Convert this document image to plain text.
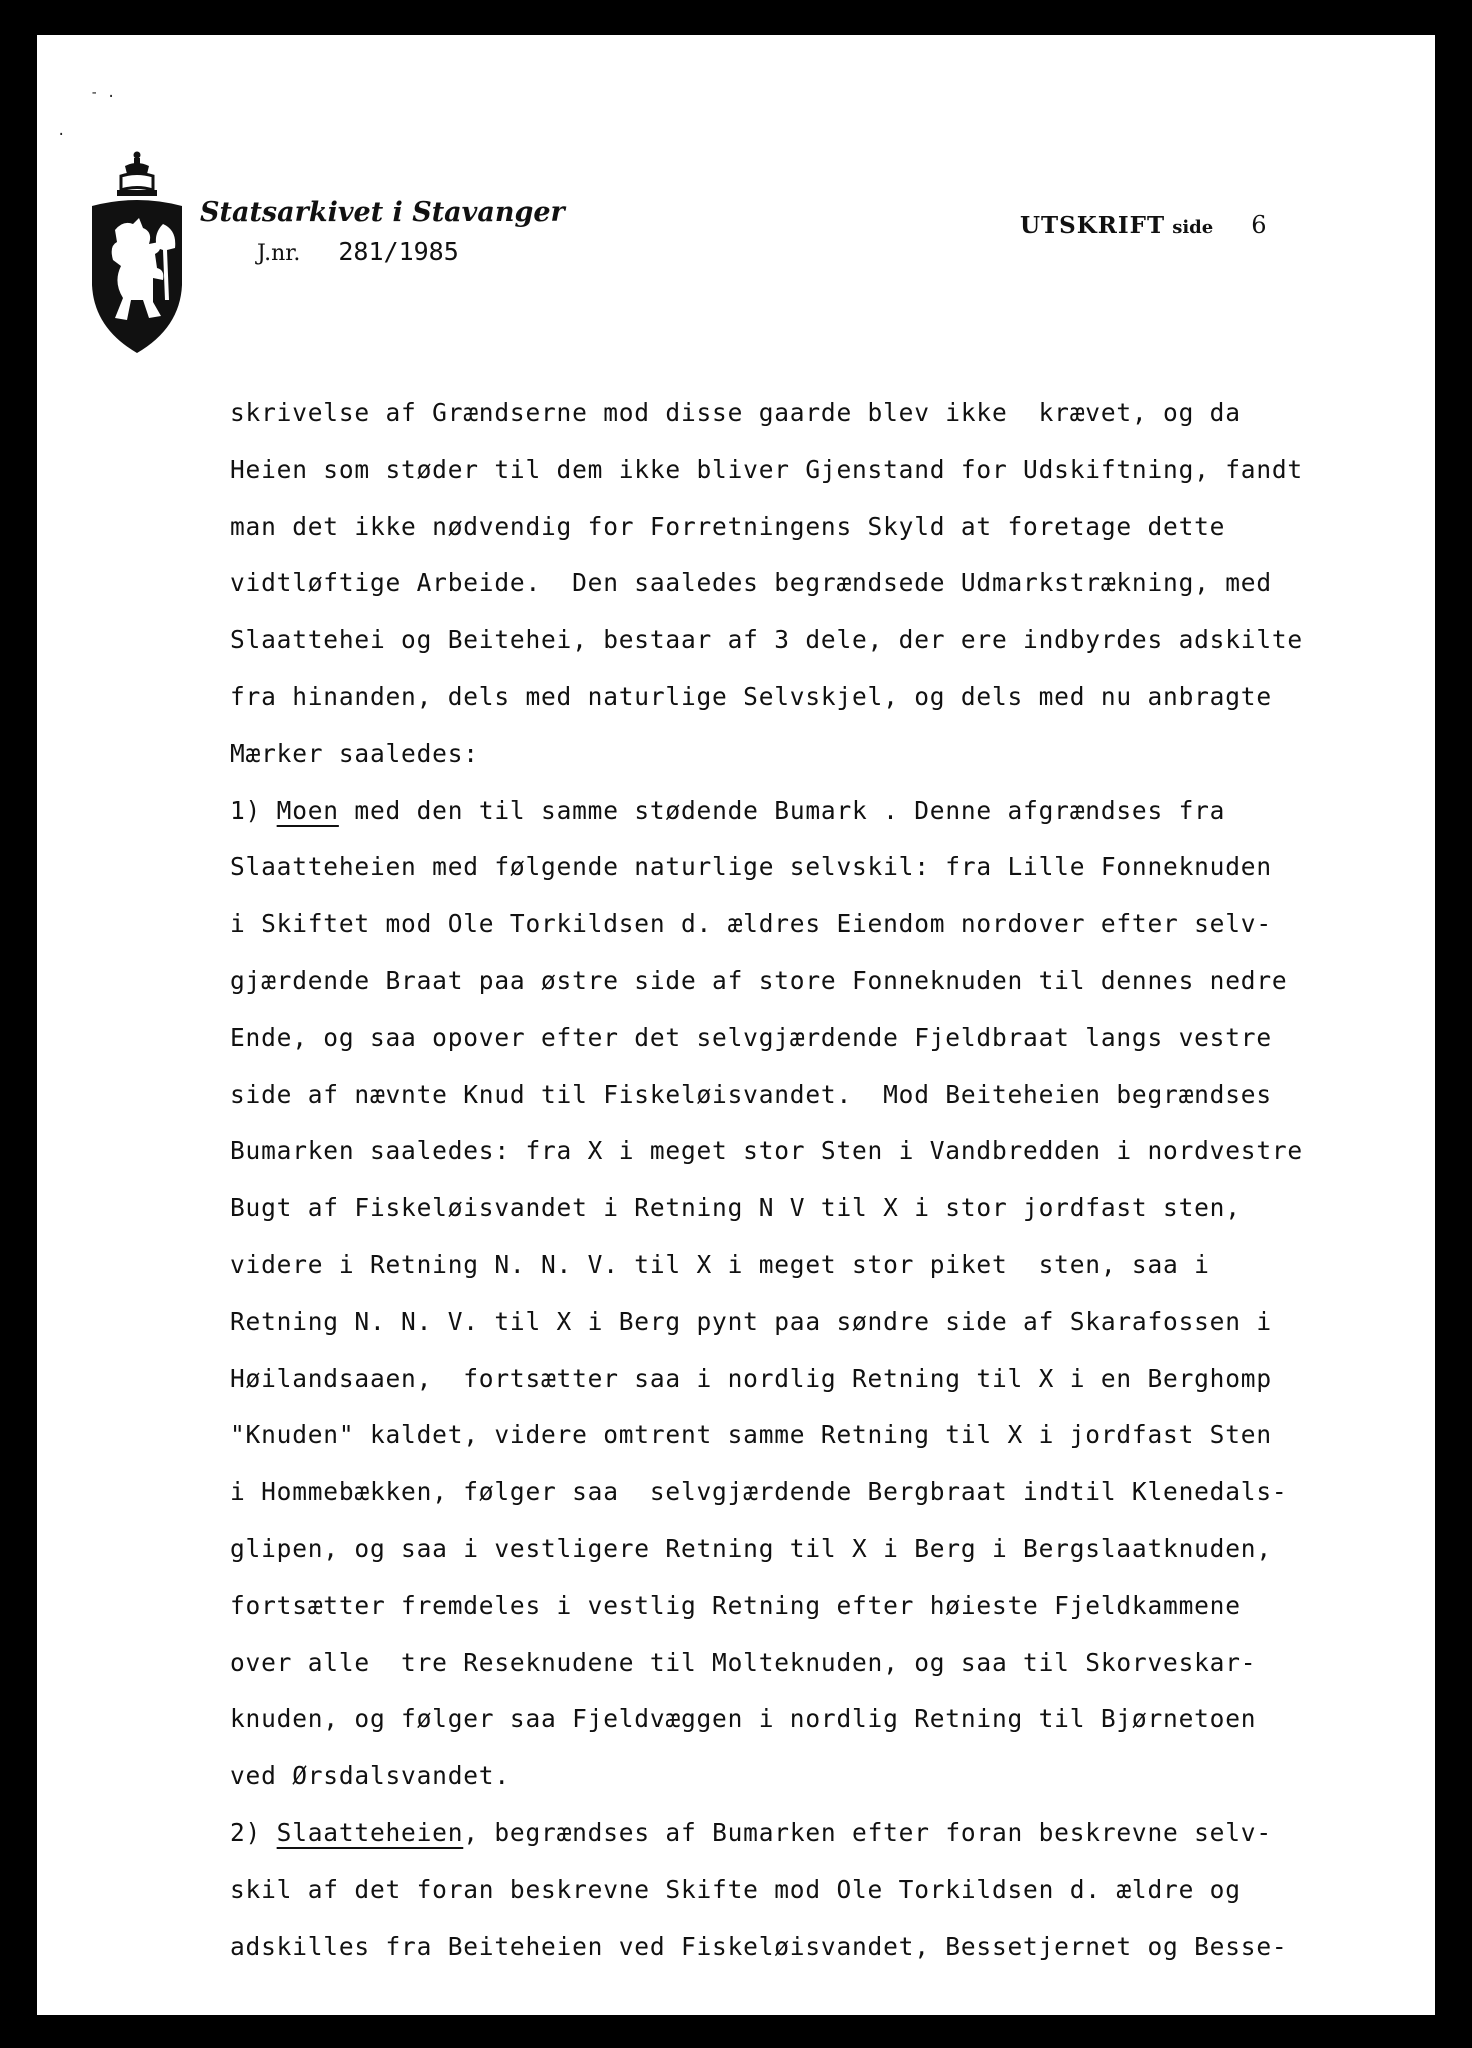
‐ .
.
Statsarkivet i Stavanger
J.nr. 281/1985
UTSKRIFT side 6
skrivelse af Grændserne mod disse gaarde blev ikke  krævet, og da
Heien som støder til dem ikke bliver Gjenstand for Udskiftning, fandt
man det ikke nødvendig for Forretningens Skyld at foretage dette
vidtløftige Arbeide.  Den saaledes begrændsede Udmarkstrækning, med
Slaattehei og Beitehei, bestaar af 3 dele, der ere indbyrdes adskilte
fra hinanden, dels med naturlige Selvskjel, og dels med nu anbragte
Mærker saaledes:
1) Moen med den til samme stødende Bumark . Denne afgrændses fra
Slaatteheien med følgende naturlige selvskil: fra Lille Fonneknuden
i Skiftet mod Ole Torkildsen d. ældres Eiendom nordover efter selv-
gjærdende Braat paa østre side af store Fonneknuden til dennes nedre
Ende, og saa opover efter det selvgjærdende Fjeldbraat langs vestre
side af nævnte Knud til Fiskeløisvandet.  Mod Beiteheien begrændses
Bumarken saaledes: fra X i meget stor Sten i Vandbredden i nordvestre
Bugt af Fiskeløisvandet i Retning N V til X i stor jordfast sten,
videre i Retning N. N. V. til X i meget stor piket  sten, saa i
Retning N. N. V. til X i Berg pynt paa søndre side af Skarafossen i
Høilandsaaen,  fortsætter saa i nordlig Retning til X i en Berghomp
"Knuden" kaldet, videre omtrent samme Retning til X i jordfast Sten
i Hommebækken, følger saa  selvgjærdende Bergbraat indtil Klenedals-
glipen, og saa i vestligere Retning til X i Berg i Bergslaatknuden,
fortsætter fremdeles i vestlig Retning efter høieste Fjeldkammene
over alle  tre Reseknudene til Molteknuden, og saa til Skorveskar-
knuden, og følger saa Fjeldvæggen i nordlig Retning til Bjørnetoen
ved Ørsdalsvandet.
2) Slaatteheien, begrændses af Bumarken efter foran beskrevne selv-
skil af det foran beskrevne Skifte mod Ole Torkildsen d. ældre og
adskilles fra Beiteheien ved Fiskeløisvandet, Bessetjernet og Besse-
